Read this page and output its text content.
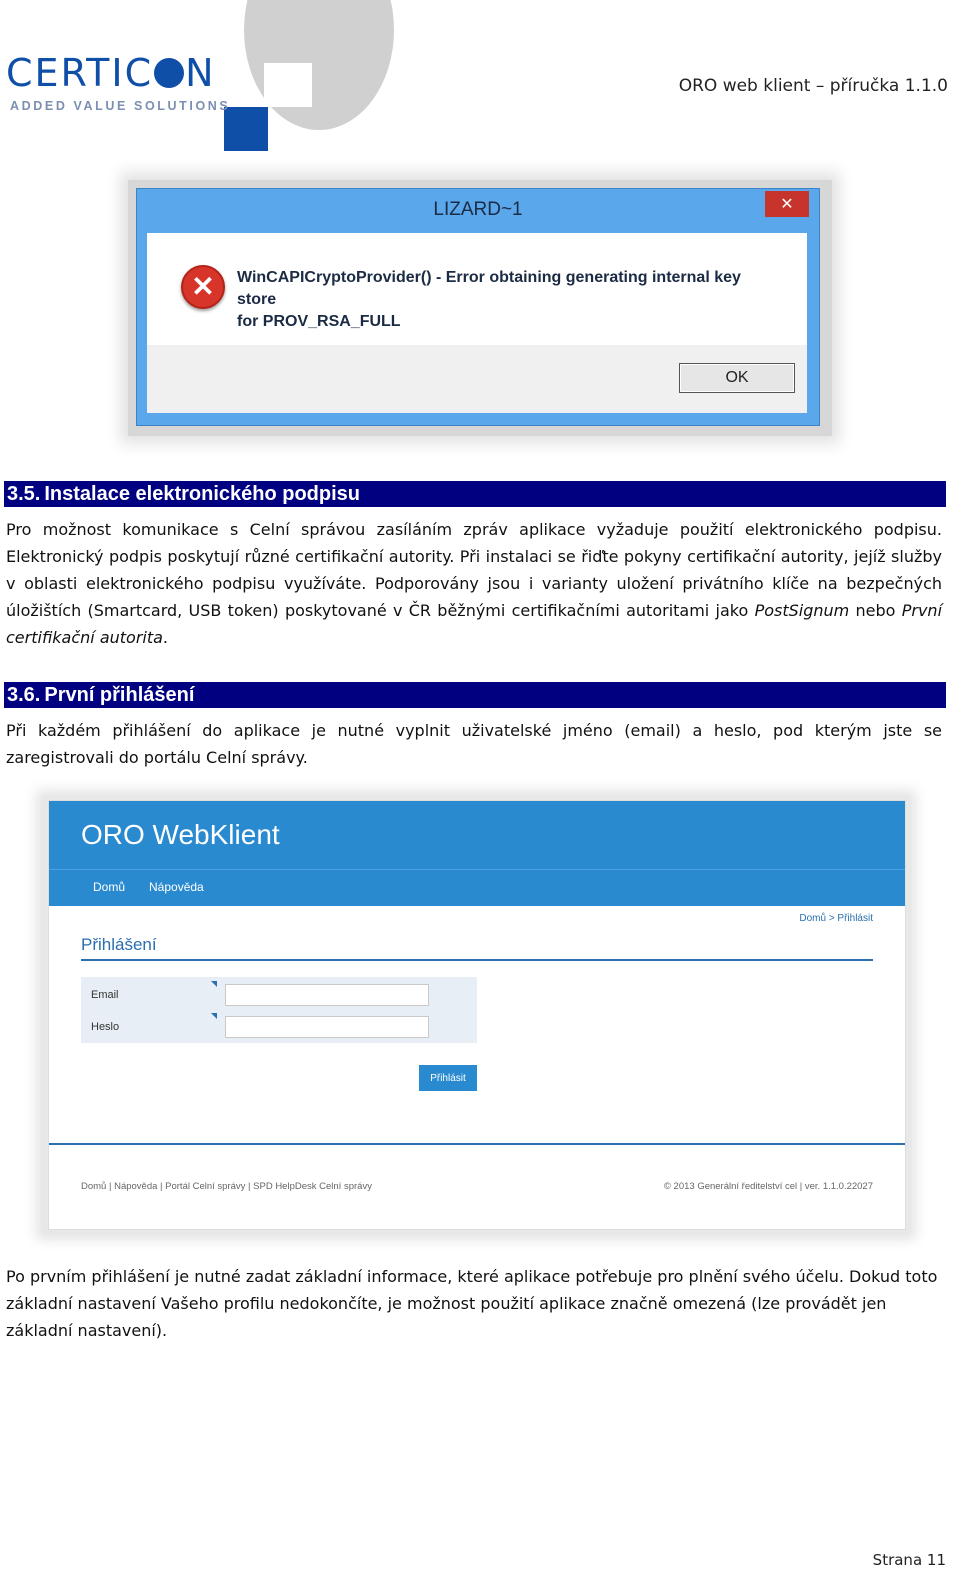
CERTIC N
ADDED VALUE SOLUTIONS
ORO web klient – příručka 1.1.0
LIZARD~1	✕
✕	WinCAPICryptoProvider() - Error obtaining generating internal key store
for PROV_RSA_FULL
OK
3.5. Instalace elektronického podpisu

Pro možnost komunikace s Celní správou zasíláním zpráv aplikace vyžaduje použití elektronického podpisu. Elektronický podpis poskytují různé certifikační autority. Při instalaci se řiďte pokyny certifikační autority, jejíž služby v oblasti elektronického podpisu využíváte. Podporovány jsou i varianty uložení privátního klíče na bezpečných úložištích (Smartcard, USB token) poskytované v ČR běžnými certifikačními autoritami jako PostSignum nebo První certifikační autorita.

3.6. První přihlášení

Při každém přihlášení do aplikace je nutné vyplnit uživatelské jméno (email) a heslo, pod kterým jste se zaregistrovali do portálu Celní správy.

ORO WebKlient
Domů Nápověda
Domů > Přihlásit
Přihlášení
Email
Heslo
Přihlásit
Domů | Nápověda | Portál Celní správy | SPD HelpDesk Celní správy	© 2013 Generální ředitelství cel | ver. 1.1.0.22027

Po prvním přihlášení je nutné zadat základní informace, které aplikace potřebuje pro plnění svého účelu. Dokud toto základní nastavení Vašeho profilu nedokončíte, je možnost použití aplikace značně omezená (lze provádět jen základní nastavení).

Strana 11
